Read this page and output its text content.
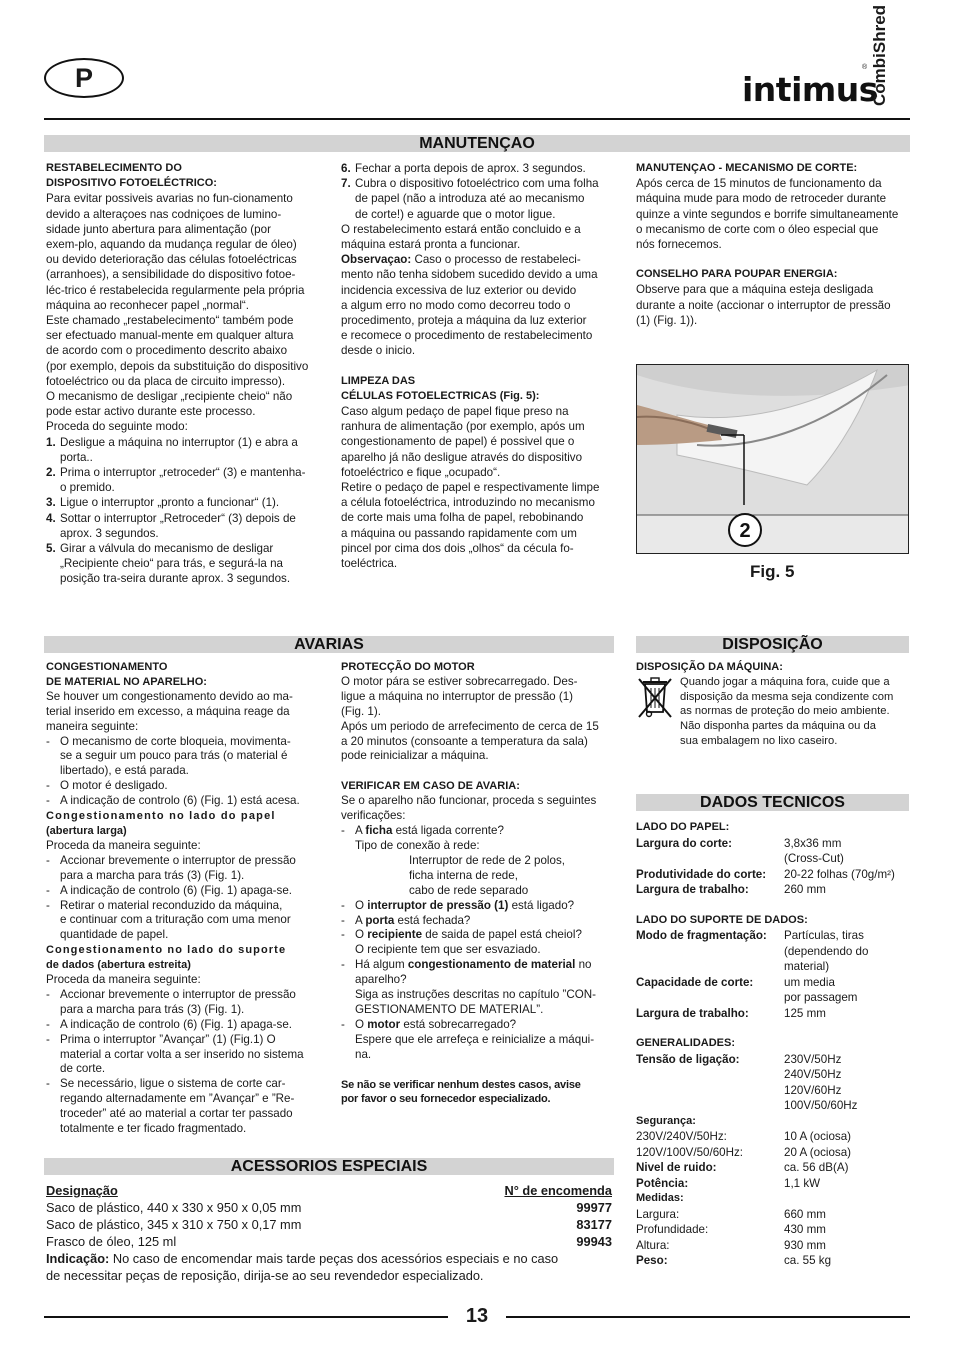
P	intimus
® CombiShred
MANUTENÇAO

RESTABELECIMENTO DO

DISPOSITIVO FOTOELÉCTRICO:

Para evitar possiveis avarias no fun-cionamento

devido a alteraçoes nas codniçoes de lumino-

sidade junto abertura para alimentação (por

exem-plo, aquando da mudança regular de óleo)

ou devido deterioração das células fotoeléctricas

(arranhoes), a sensibilidade do dispositivo fotoe-

léc-trico é restabelecida regularmente pela própria

máquina ao reconhecer papel „normal“.

Este chamado „restabelecimento“ também pode

ser efectuado manual-mente em qualquer altura

de acordo com o procedimento descrito abaixo

(por exemplo, depois da substituição do dispositivo

fotoeléctrico ou da placa de circuito impresso).

O mecanismo de desligar „recipiente cheio“ não

pode estar activo durante este processo.

Proceda do seguinte modo:

1. Desligue a máquina no interruptor (1) e abra a
porta..
2. Prima o interruptor „retroceder“ (3) e mantenha-
o premido.
3. Ligue o interruptor „pronto a funcionar“ (1).
4. Sottar o interruptor „Retroceder“ (3) depois de
aprox. 3 segundos.
5. Girar a válvula do mecanismo de desligar
„Recipiente cheio“ para trás, e segurá-la na
posição tra-seira durante aprox. 3 segundos.
6. Fechar a porta depois de aprox. 3 segundos.
7. Cubra o dispositivo fotoeléctrico com uma folha
de papel (não a introduza até ao mecanismo
de corte!) e aguarde que o motor ligue.

O restabelecimento estará então concluido e a

máquina estará pronta a funcionar.

Observaçao: Caso o processo de restabeleci-

mento não tenha sidobem sucedido devido a uma

incidencia excessiva de luz exterior ou devido

a algum erro no modo como decorreu todo o

procedimento, proteja a máquina da luz exterior

e recomece o procedimento de restabelecimento

desde o inicio.

LIMPEZA DAS

CÉLULAS FOTOELECTRICAS (Fig. 5):

Caso algum pedaço de papel fique preso na

ranhura de alimentação (por exemplo, após um

congestionamento de papel) é possivel que o

aparelho já não desligue através do dispositivo

fotoeléctrico e fique „ocupado“.

Retire o pedaço de papel e respectivamente limpe

a célula fotoeléctrica, introduzindo no mecanismo

de corte mais uma folha de papel, rebobinando

a máquina ou passando rapidamente com um

pincel por cima dos dois „olhos“ da cécula fo-

toeléctrica.

MANUTENÇAO - MECANISMO DE CORTE:

Após cerca de 15 minutos de funcionamento da

máquina mude para modo de retroceder durante

quinze a vinte segundos e borrife simultaneamente

o mecanismo de corte com o óleo especial que

nós fornecemos.

CONSELHO PARA POUPAR ENERGIA:

Observe para que a máquina esteja desligada

durante a noite (accionar o interruptor de pressão

(1) (Fig. 1)).

2
Fig. 5
AVARIAS

CONGESTIONAMENTO

DE MATERIAL NO APARELHO:

Se houver um congestionamento devido ao ma-

terial inserido em excesso, a máquina reage da

maneira seguinte:

- O mecanismo de corte bloqueia, movimenta-
se a seguir um pouco para trás (o material é
libertado), e está parada.
- O motor é desligado.
- A indicação de controlo (6) (Fig. 1) está acesa.

Congestionamento no lado do papel

(abertura larga)

Proceda da maneira seguinte:

- Accionar brevemente o interruptor de pressão
para a marcha para trás (3) (Fig. 1).
- A indicação de controlo (6) (Fig. 1) apaga-se.
- Retirar o material reconduzido da máquina,
e continuar com a trituração com uma menor
quantidade de papel.

Congestionamento no lado do suporte

de dados (abertura estreita)

Proceda da maneira seguinte:

- Accionar brevemente o interruptor de pressão
para a marcha para trás (3) (Fig. 1).
- A indicação de controlo (6) (Fig. 1) apaga-se.
- Prima o interruptor ”Avançar” (1) (Fig.1) O
material a cortar volta a ser inserido no sistema
de corte.
- Se necessário, ligue o sistema de corte car-
regando alternadamente em ”Avançar” e ”Re-
troceder” até ao material a cortar ter passado
totalmente e ter ficado fragmentado.

PROTECÇÃO DO MOTOR

O motor pára se estiver sobrecarregado. Des-

ligue a máquina no interruptor de pressão (1)

(Fig. 1).

Após um periodo de arrefecimento de cerca de 15

a 20 minutos (consoante a temperatura da sala)

pode reinicializar a máquina.

VERIFICAR EM CASO DE AVARIA:

Se o aparelho não funcionar, proceda s seguintes

verificações:

- A ficha está ligada corrente?
Tipo de conexão à rede:

Interruptor de rede de 2 polos,

ficha interna de rede,

cabo de rede separado

- O interruptor de pressão (1) está ligado?
- A porta está fechada?
- O recipiente de saida de papel está cheiol?
O recipiente tem que ser esvaziado.
- Há algum congestionamento de material no
aparelho?
Siga as instruções descritas no capítulo ”CON-
GESTIONAMENTO DE MATERIAL”.
- O motor está sobrecarregado?
Espere que ele arrefeça e reinicialize a máqui-
na.

Se não se verificar nenhum destes casos, avise

por favor o seu fornecedor especializado.

DISPOSIÇÃO

DISPOSIÇÃO DA MÁQUINA:

Quando jogar a máquina fora, cuide que a

disposição da mesma seja condizente com

as normas de proteção do meio ambiente.

Não disponha partes da máquina ou da

sua embalagem no lixo caseiro.

DADOS TECNICOS

LADO DO PAPEL:

Largura do corte:	3,8x36 mm
(Cross-Cut)
Produtividade do corte:	20-22 folhas (70g/m²)
Largura de trabalho:	260 mm

LADO DO SUPORTE DE DADOS:

Modo de fragmentação:	Partículas, tiras
(dependendo do
material)
Capacidade de corte:	um media
por passagem
Largura de trabalho:	125 mm

GENERALIDADES:

Tensão de ligação:	230V/50Hz
240V/50Hz
120V/60Hz
100V/50/60Hz

Segurança:

230V/240V/50Hz:	10 A (ociosa)
120V/100V/50/60Hz:	20 A (ociosa)
Nivel de ruido:	ca. 56 dB(A)
Potência:	1,1 kW

Medidas:

Largura:	660 mm
Profundidade:	430 mm
Altura:	930 mm
Peso:	ca. 55 kg
ACESSORIOS ESPECIAIS
Designação	N° de encomenda
Saco de plástico, 440 x 330 x 950 x 0,05 mm	99977
Saco de plástico, 345 x 310 x 750 x 0,17 mm	83177
Frasco de óleo, 125 ml	99943

Indicação: No caso de encomendar mais tarde peças dos acessórios especiais e no caso
de necessitar peças de reposição, dirija-se ao seu revendedor especializado.

13
